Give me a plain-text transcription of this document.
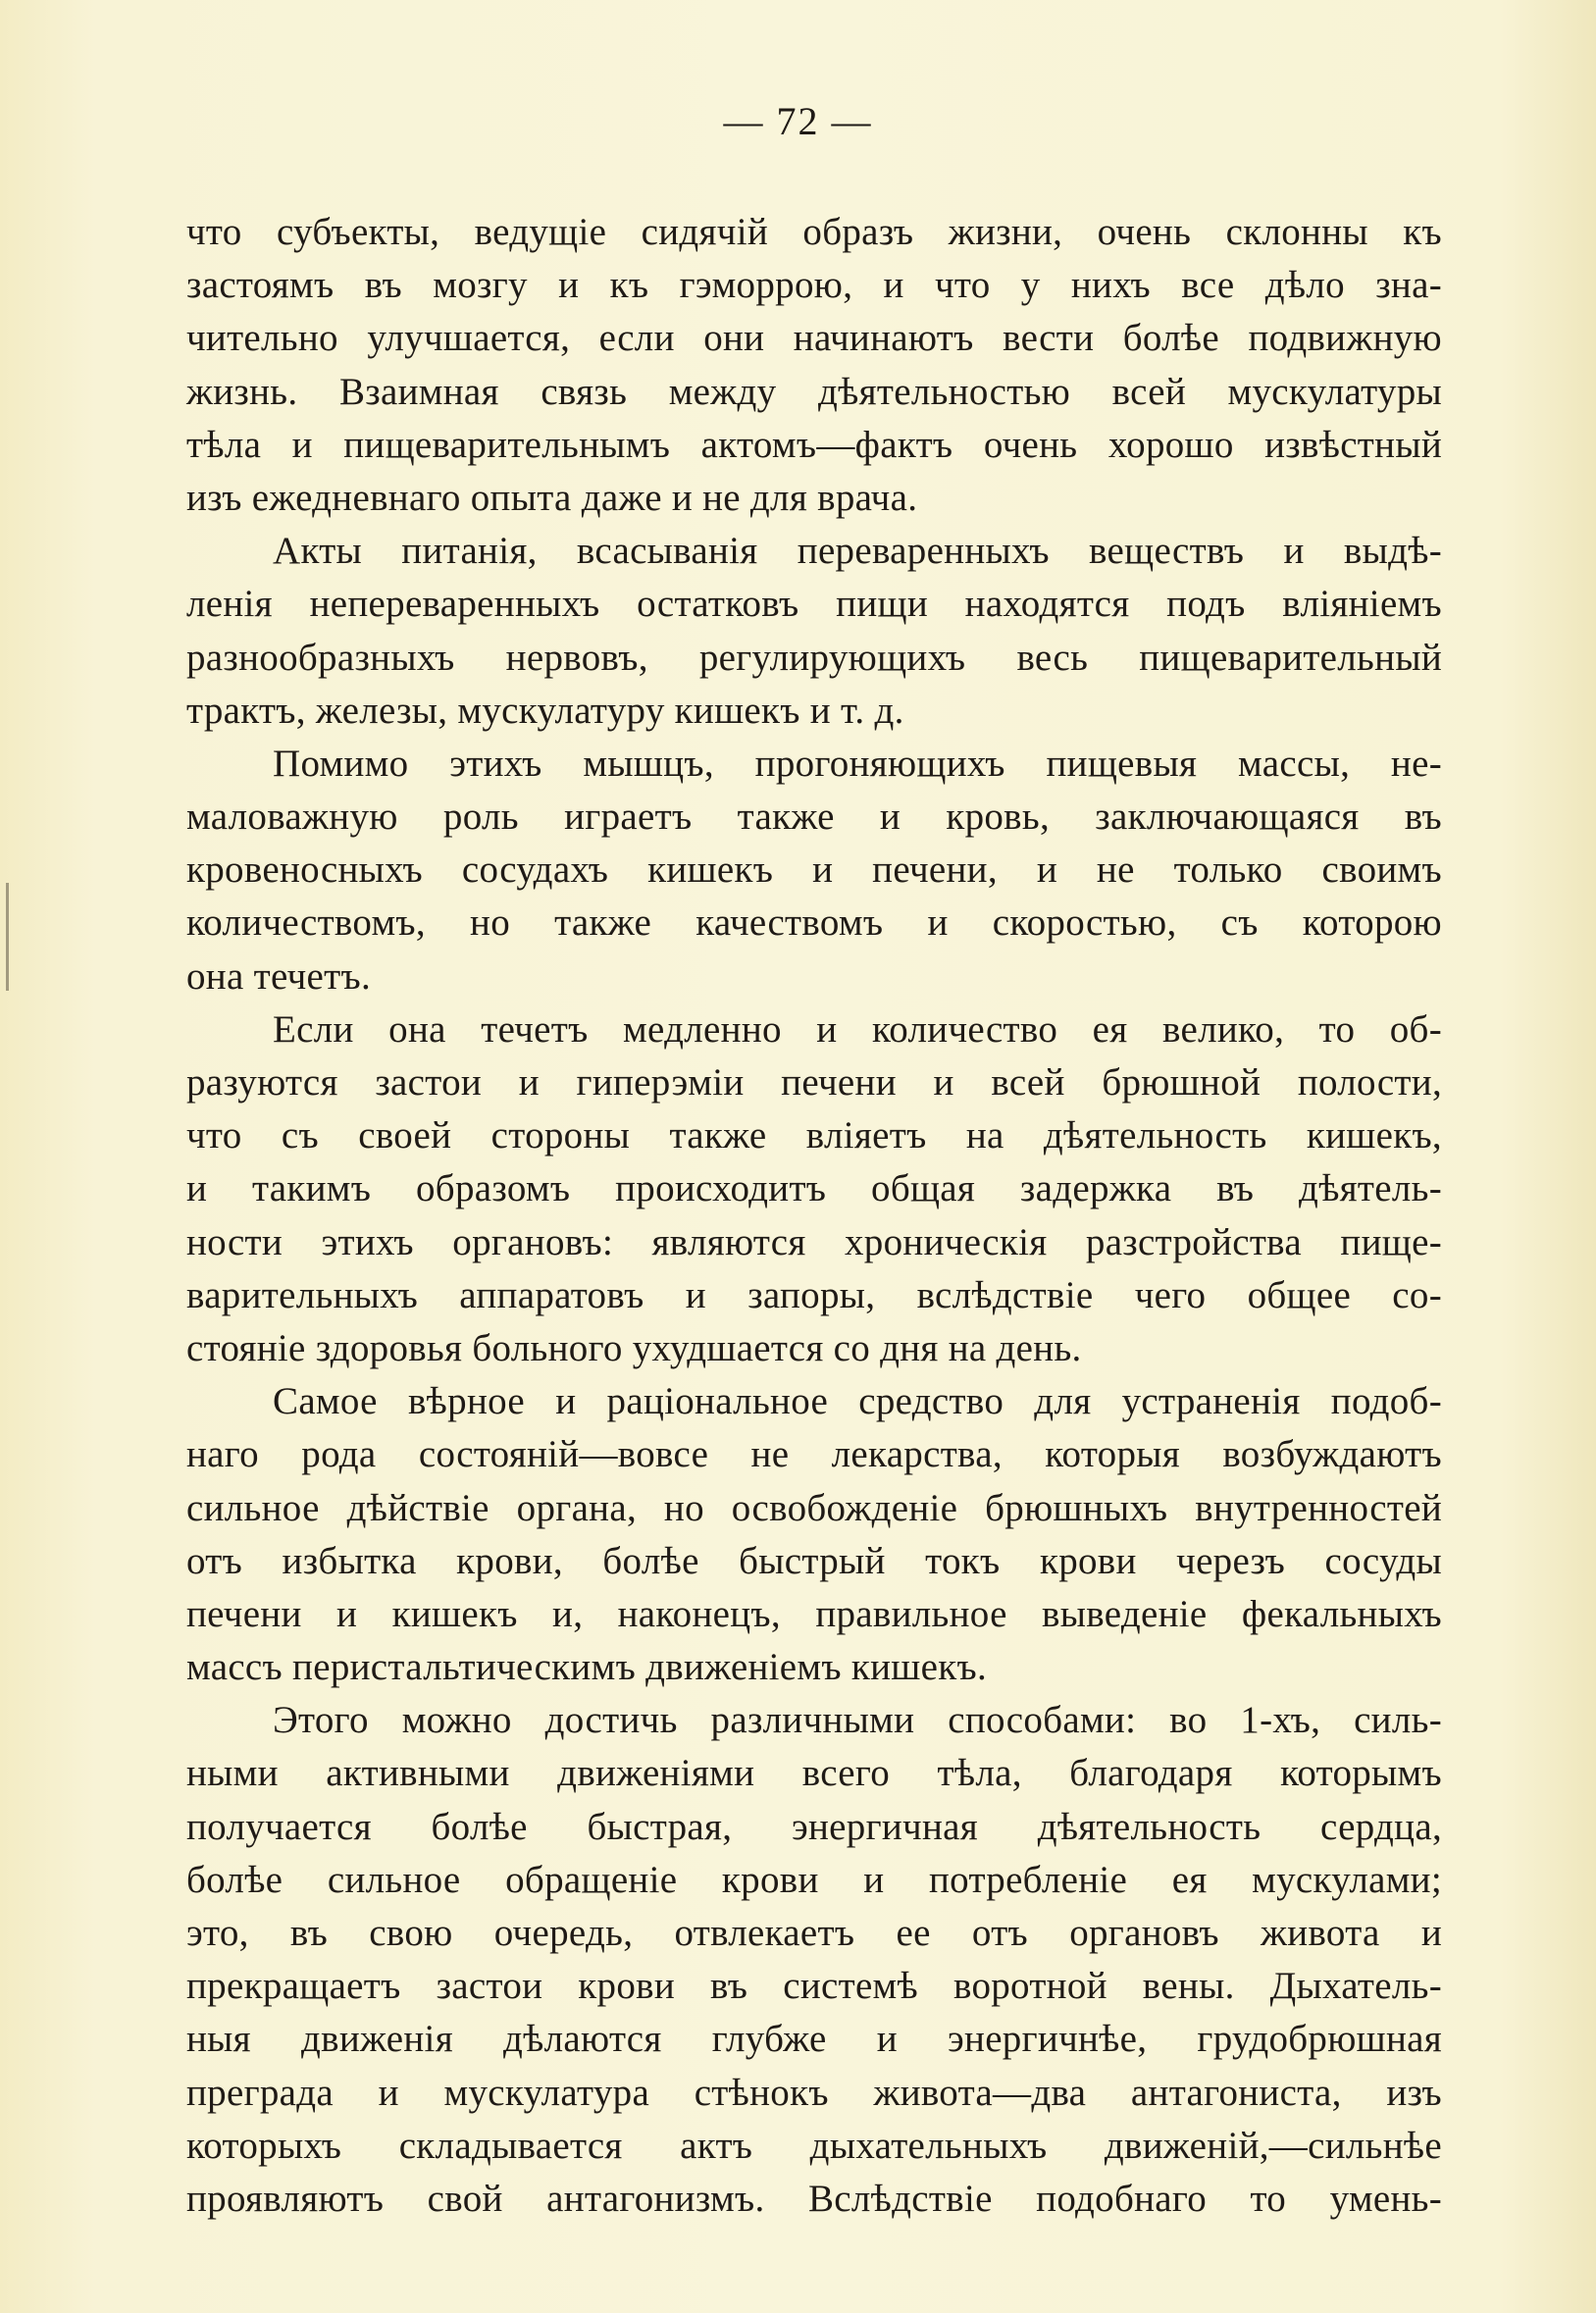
— 72 —
что субъекты, ведущіе сидячій образъ жизни, очень склонны къ
застоямъ въ мозгу и къ гэморрою, и что у нихъ все дѣло зна-
чительно улучшается, если они начинаютъ вести болѣе подвижную
жизнь. Взаимная связь между дѣятельностью всей мускулатуры
тѣла и пищеварительнымъ актомъ—фактъ очень хорошо извѣстный
изъ ежедневнаго опыта даже и не для врача.
Акты питанія, всасыванія переваренныхъ веществъ и выдѣ-
ленія непереваренныхъ остатковъ пищи находятся подъ вліяніемъ
разнообразныхъ нервовъ, регулирующихъ весь пищеварительный
трактъ, железы, мускулатуру кишекъ и т. д.
Помимо этихъ мышцъ, прогоняющихъ пищевыя массы, не-
маловажную роль играетъ также и кровь, заключающаяся въ
кровеносныхъ сосудахъ кишекъ и печени, и не только своимъ
количествомъ, но также качествомъ и скоростью, съ которою
она течетъ.
Если она течетъ медленно и количество ея велико, то об-
разуются застои и гиперэміи печени и всей брюшной полости,
что съ своей стороны также вліяетъ на дѣятельность кишекъ,
и такимъ образомъ происходитъ общая задержка въ дѣятель-
ности этихъ органовъ: являются хроническія разстройства пище-
варительныхъ аппаратовъ и запоры, вслѣдствіе чего общее со-
стояніе здоровья больного ухудшается со дня на день.
Самое вѣрное и раціональное средство для устраненія подоб-
наго рода состояній—вовсе не лекарства, которыя возбуждаютъ
сильное дѣйствіе органа, но освобожденіе брюшныхъ внутренностей
отъ избытка крови, болѣе быстрый токъ крови черезъ сосуды
печени и кишекъ и, наконецъ, правильное выведеніе фекальныхъ
массъ перистальтическимъ движеніемъ кишекъ.
Этого можно достичь различными способами: во 1-хъ, силь-
ными активными движеніями всего тѣла, благодаря которымъ
получается болѣе быстрая, энергичная дѣятельность сердца,
болѣе сильное обращеніе крови и потребленіе ея мускулами;
это, въ свою очередь, отвлекаетъ ее отъ органовъ живота и
прекращаетъ застои крови въ системѣ воротной вены. Дыхатель-
ныя движенія дѣлаются глубже и энергичнѣе, грудобрюшная
преграда и мускулатура стѣнокъ живота—два антагониста, изъ
которыхъ складывается актъ дыхательныхъ движеній,—сильнѣе
проявляютъ свой антагонизмъ. Вслѣдствіе подобнаго то умень-
